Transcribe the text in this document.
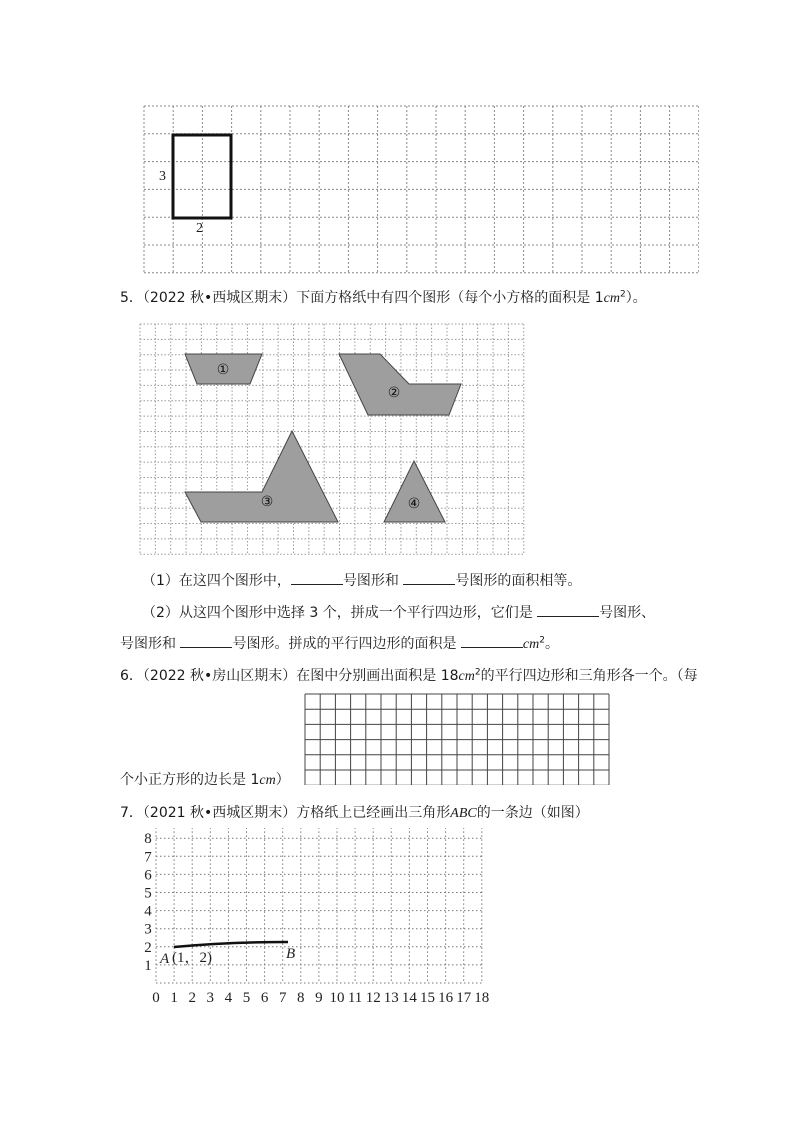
3
2
5．（2022 秋•西城区期末）下面方格纸中有四个图形（每个小方格的面积是 $1cm^2$）。
①
②
③	④
（1）在这四个图形中，	号图形和	号图形的面积相等。
（2）从这四个图形中选择 3 个，拼成一个平行四边形，它们是	号图形、
号图形和	号图形。拼成的平行四边形的面积是	$cm^2$。
6．（2022 秋•房山区期末）在图中分别画出面积是 $18cm^2$的平行四边形和三角形各一个。（每
个小正方形的边长是 1cm）
7．（2021 秋•西城区期末）方格纸上已经画出三角形ABC的一条边（如图）
0 1 2 3 4 5 6 7 8 9 10 11 12 13 14 15 16 17 18
1
2
3
4
5
6
7
8
A (1，2)	B
